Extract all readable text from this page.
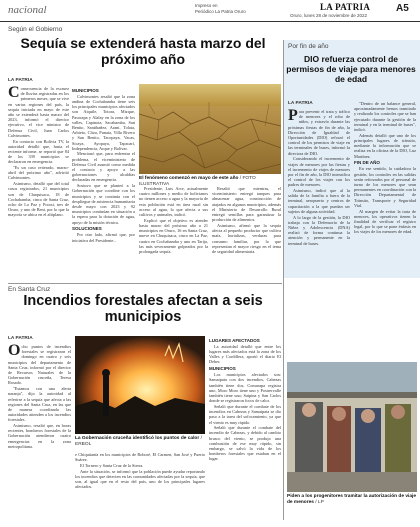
nacional	Impreso en
Periódico La Patria Oruro	LA PATRIA
Oruro, lunes 28 de noviembre de 2022
A5
Según el Gobierno
Sequía se extenderá hasta marzo del próximo año
LA PATRIA
C onsecuencia de la escasez de lluvias registradas en los primeros meses, que se vive en varias regiones del país, la sequía iniciada en mayo de este año se extenderá hasta marzo del 2023, informó el director ejecutivo, el vice ministro de Defensa Civil, Juan Carlos Calvimontes.

En contacto con Bolivia TV, la autoridad detalló que, hasta el reciente informe, se reportó que 84 de los 339 municipios se declararon en emergencia.

"Es un caso reiterado, marzo-abril del próximo año", advirtió Calvimontes.

Asimismo, detalló que del total casos registrados, 21 municipios son de Chuquisaca, 18 de Cochabamba, cinco de Santa Cruz, ocho de La Paz y Potosí, tres de Oruro, y uno de Beni, por lo que la mayoría se ubica en el altiplano.

MUNICIPIOS

Calvimontes resaltó que la zona andina de Cochabamba tiene seis los principales municipios afectados son Aiquile, Totora, Mizque, Pasorapa y Alalay en la zona de los valles, Capinota, Sacabamba, San Benito, Santibañez, Arani, Tolata, Arbieto, Cliza, Punata, Villa Rivero y San Benito, Tacopaya, Vacas, Sicaya, Ayopaya, Tapacarí, Independencia, Arque y Bolívar.

Mencionó que, para enfrentar el problema, el viceministerio de Defensa Civil asumió como medida el contacto y apoyo a las gobernaciones y alcaldías declaradas en emergencia.

Sostuvo que se planteó a la Gobernación que coordine con los municipios y se continúa con el despliegue de asistencia humanitaria desde mayo con 2023 y 92 municipios continúan en situación a la espera para la dotación de agua, apoyo de la misión técnica.

SOLUCIONES

Por otro lado, afirmó que, por iniciativa del Presidente...

El fenómeno comenzó en mayo de este año / FOTO ILUSTRATIVA

Presidente, Luis Arce, actualmente cuatro millones y medio de bolivianos no tienen acceso a agua y la mayoría de esta población está en área rural sin acceso al agua, lo que afecta a sus cultivos y animales, indicó.

Explicó que el objetivo es atender hasta marzo del próximo año a 21 municipios en Oruro, 16 en Santa Cruz, nueve en Chuquisaca, cinco en La Paz, cuatro en Cochabamba y uno en Tarija, las más severamente golpeados por la prolongada sequía.

Resaltó que mientras, el viceministerio entregó tanques para almacenar agua, construcción de atajados en algunos municipios, además el Ministerio de Desarrollo Rural entregó semillas para garantizar la producción de alimentos.

Asimismo, afirmó que la sequía afecta al pequeño productor que cultiva maíz, hortalizas, verduras para consumo familiar, por lo que representan el mayor riesgo en el tema de seguridad alimentaria.

Por fin de año
DIO refuerza control de permisos de viaje para menores de edad
LA PATRIA
P ara prevenir el trata y tráfico de menores y el robo de niños, y extravío durante las próximas fiestas de fin de año, la Dirección de Igualdad de Oportunidades (DIO) reforzó el control de los permisos de viaje en las terminales de buses, informó la directora de DIO.

Considerando el incremento de viajes de menores por las fiestas y el incremento de viajes de menores por el fin de año, la DIO intensifica el control de los viajes con los padres de menores.

Asimismo, indicó que al la salida de la familia a fuera de la terminal, aeropuerto y centros de capacitación a la que puedan ser sujetos de alguna actividad.

A lo largo de la gestión, la DIO trabaja con la Defensoría de la Niñez y Adolescencia (DNA) realizó de forma continua la atención y permanente en la terminal de buses.

"Dentro de un balance general, aproximadamente hemos tramitado y realizado los controles que se han ejecutado durante la gestión de la terminal y en la terminal de buses", indicó.

Además detalló que uno de los principales lugares de tránsito, mediante la información que se realiza en la oficina de la DIO, Luz Martínez.

FIN DE AÑO

En ese sentido, la cuidadora la gestión, los controles en las salidas serán reforzados por el personal de turno de los menores que sean permanentes en coordinación con la Dirección Departamental de Tránsito, Transporte y Seguridad Vial.

Al margen de evitar la trata de menores, los operativos tienen la finalidad de verificar el registro legal, por lo que se pone énfasis en los viajes de los menores de edad.

Piden a los progenitores tramitar la autorización de viaje de menores / LP
En Santa Cruz
Incendios forestales afectan a seis municipios
LA PATRIA
O cho puntos de incendios forestales se registraron el domingo en cuatro y seis municipios del departamento de Santa Cruz, informó por el director de Recursos Naturales de la Gobernación cruceña, Teresa Rosado.

"Estamos con una alerta naranja", dijo la autoridad al referirse a la sequía que afecta a las regiones del Santa Cruz, en las que de manera coordinada las autoridades atienden a los incendios forestales.

Asimismo, resaltó que, en horas recientes, bomberos forestales de la Gobernación atendieron cuatro emergencias en la zona metropolitana.

La Gobernación cruceña identificó los puntos de calor / ERBOL

e Chiquitanía en los municipios de Roboré, El Carmen, San José y Puerto Suárez.

El Tornero y Santa Cruz de la Sierra.

Ante la situación, se informó que la población puede ayudar reportando los incendios que detecten en las comunidades afectadas por la sequía, que son, al igual que en el resto del país, uno de los principales lugares afectados.

LUGARES AFECTADOS

La autoridad detalló que entre los lugares más afectados está la zona de los Valles y Cordillera, aportó el diario El Deber.

MUNICIPIOS

Los municipios afectados son: Samaipata con dos incendios, Cabezas también tiene dos, Comarapa registra uno, Moro Moro tiene uno y Postrervalle también tiene uno; Saipina y San Carlos donde se registraron focos de calor.

Señaló que durante el combate de los incendios en Cabezas y Samaipata se dio paso a la tarea del sofocamiento, ya que el viento es muy rápido.

Señaló que durante el combate del incendio de Cabezas, y debido al cambio brusco del viento, se produjo una combustión de ese muy rápido, sin embargo, se salvó la vida de los bomberos forestales que estaban en el lugar.
